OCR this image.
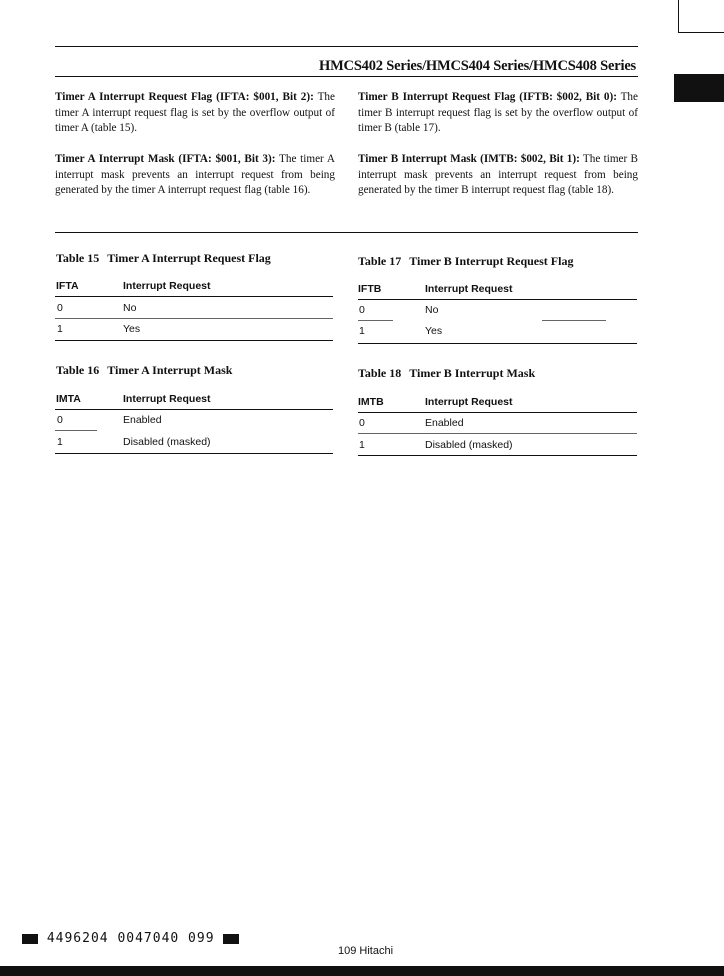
HMCS402 Series/HMCS404 Series/HMCS408 Series
Timer A Interrupt Request Flag (IFTA: $001, Bit 2): The timer A interrupt request flag is set by the overflow output of timer A (table 15).
Timer A Interrupt Mask (IFTA: $001, Bit 3): The timer A interrupt mask prevents an interrupt request from being generated by the timer A interrupt request flag (table 16).
Timer B Interrupt Request Flag (IFTB: $002, Bit 0): The timer B interrupt request flag is set by the overflow output of timer B (table 17).
Timer B Interrupt Mask (IMTB: $002, Bit 1): The timer B interrupt mask prevents an interrupt request from being generated by the timer B interrupt request flag (table 18).
Table 15 Timer A Interrupt Request Flag
IFTA	Interrupt Request
0	No
1	Yes
Table 16 Timer A Interrupt Mask
IMTA	Interrupt Request
0	Enabled
1	Disabled (masked)
Table 17 Timer B Interrupt Request Flag
IFTB	Interrupt Request
0	No
1	Yes
Table 18 Timer B Interrupt Mask
IMTB	Interrupt Request
0	Enabled
1	Disabled (masked)
4496204 0047040 099
109 Hitachi
